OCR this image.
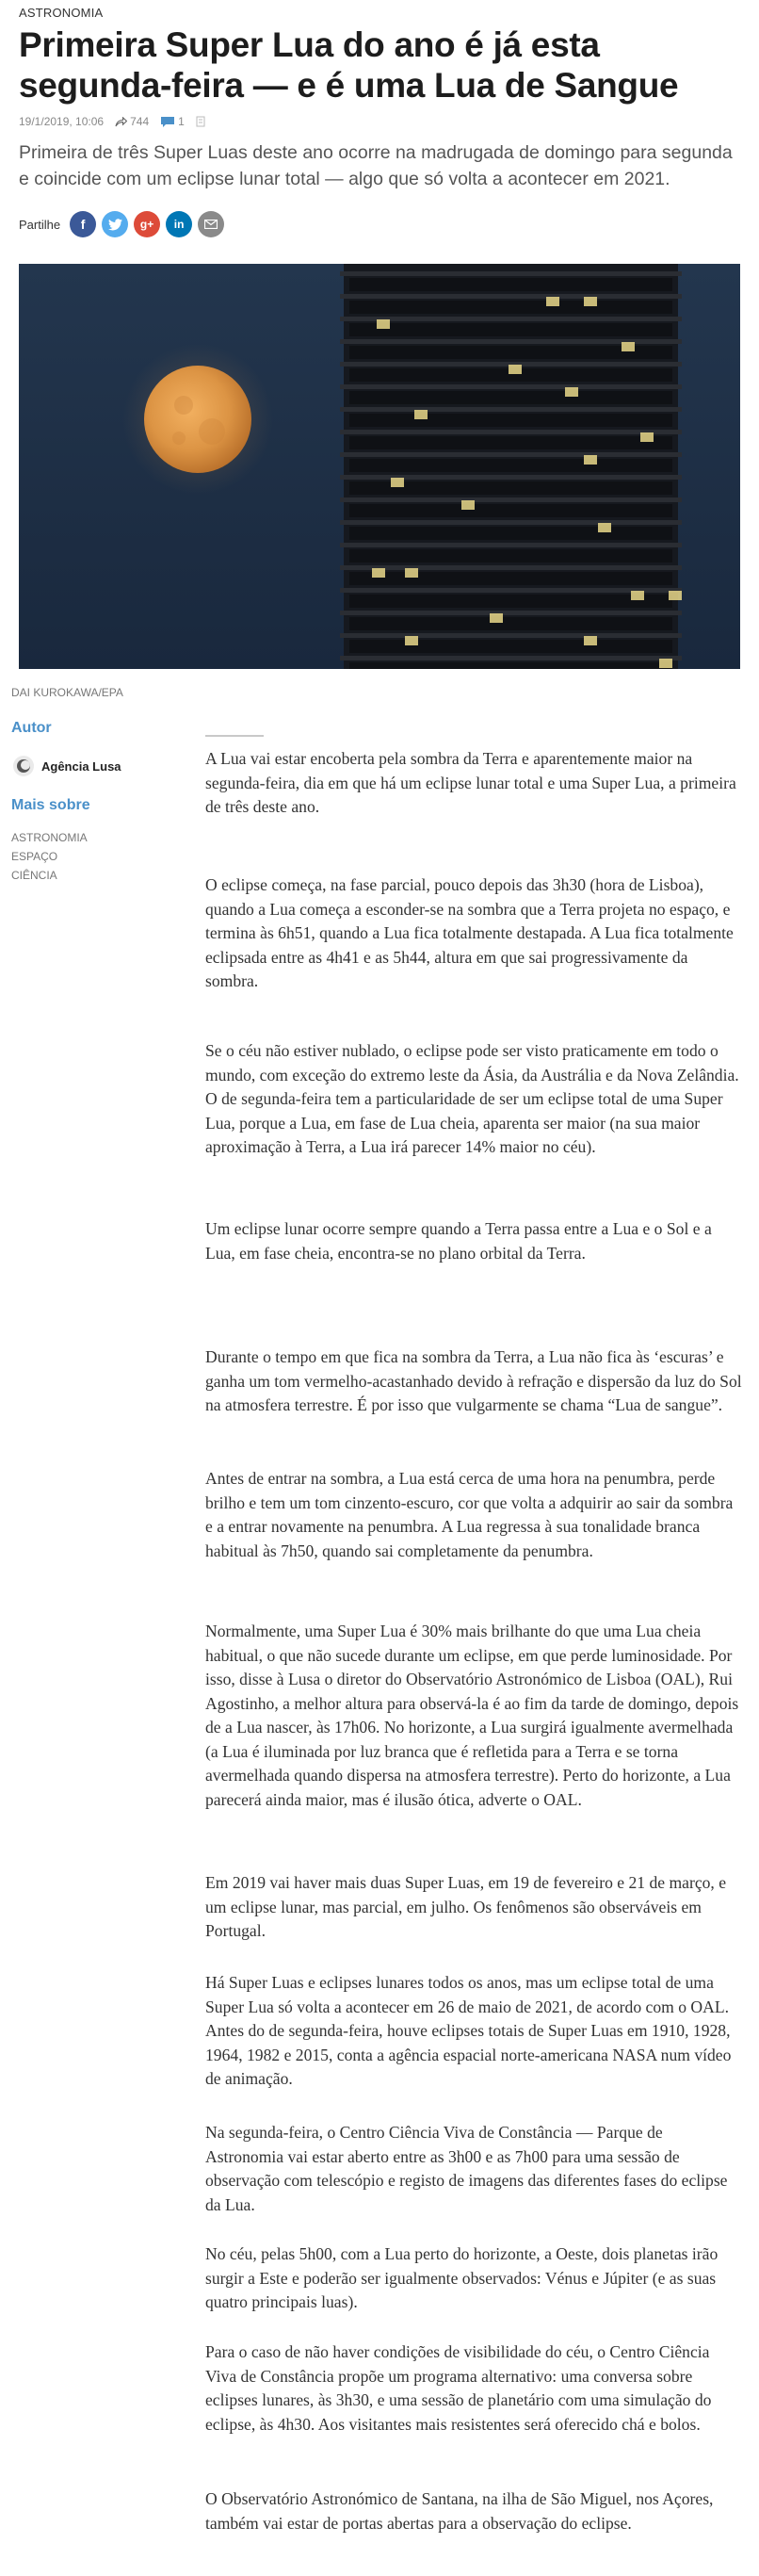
ASTRONOMIA
Primeira Super Lua do ano é já esta
segunda-feira — e é uma Lua de Sangue
19/1/2019, 10:06 744	1

Primeira de três Super Luas deste ano ocorre na madrugada de domingo para segunda e coincide com um eclipse lunar total — algo que só volta a acontecer em 2021.

Partilhe f	g+ in
DAI KUROKAWA/EPA
Autor
Agência Lusa
Mais sobre
ASTRONOMIA
ESPAÇO
CIÊNCIA

A Lua vai estar encoberta pela sombra da Terra e aparentemente maior na segunda-feira, dia em que há um eclipse lunar total e uma Super Lua, a primeira de três deste ano.

O eclipse começa, na fase parcial, pouco depois das 3h30 (hora de Lisboa), quando a Lua começa a esconder-se na sombra que a Terra projeta no espaço, e termina às 6h51, quando a Lua fica totalmente destapada. A Lua fica totalmente eclipsada entre as 4h41 e as 5h44, altura em que sai progressivamente da sombra.

Se o céu não estiver nublado, o eclipse pode ser visto praticamente em todo o mundo, com exceção do extremo leste da Ásia, da Austrália e da Nova Zelândia. O de segunda-feira tem a particularidade de ser um eclipse total de uma Super Lua, porque a Lua, em fase de Lua cheia, aparenta ser maior (na sua maior aproximação à Terra, a Lua irá parecer 14% maior no céu).

Um eclipse lunar ocorre sempre quando a Terra passa entre a Lua e o Sol e a Lua, em fase cheia, encontra-se no plano orbital da Terra.

Durante o tempo em que fica na sombra da Terra, a Lua não fica às ‘escuras’ e ganha um tom vermelho-acastanhado devido à refração e dispersão da luz do Sol na atmosfera terrestre. É por isso que vulgarmente se chama “Lua de sangue”.

Antes de entrar na sombra, a Lua está cerca de uma hora na penumbra, perde brilho e tem um tom cinzento-escuro, cor que volta a adquirir ao sair da sombra e a entrar novamente na penumbra. A Lua regressa à sua tonalidade branca habitual às 7h50, quando sai completamente da penumbra.

Normalmente, uma Super Lua é 30% mais brilhante do que uma Lua cheia habitual, o que não sucede durante um eclipse, em que perde luminosidade. Por isso, disse à Lusa o diretor do Observatório Astronómico de Lisboa (OAL), Rui Agostinho, a melhor altura para observá-la é ao fim da tarde de domingo, depois de a Lua nascer, às 17h06. No horizonte, a Lua surgirá igualmente avermelhada (a Lua é iluminada por luz branca que é refletida para a Terra e se torna avermelhada quando dispersa na atmosfera terrestre). Perto do horizonte, a Lua parecerá ainda maior, mas é ilusão ótica, adverte o OAL.

Em 2019 vai haver mais duas Super Luas, em 19 de fevereiro e 21 de março, e um eclipse lunar, mas parcial, em julho. Os fenômenos são observáveis em Portugal.

Há Super Luas e eclipses lunares todos os anos, mas um eclipse total de uma Super Lua só volta a acontecer em 26 de maio de 2021, de acordo com o OAL. Antes do de segunda-feira, houve eclipses totais de Super Luas em 1910, 1928, 1964, 1982 e 2015, conta a agência espacial norte-americana NASA num vídeo de animação.

Na segunda-feira, o Centro Ciência Viva de Constância — Parque de Astronomia vai estar aberto entre as 3h00 e as 7h00 para uma sessão de observação com telescópio e registo de imagens das diferentes fases do eclipse da Lua.

No céu, pelas 5h00, com a Lua perto do horizonte, a Oeste, dois planetas irão surgir a Este e poderão ser igualmente observados: Vénus e Júpiter (e as suas quatro principais luas).

Para o caso de não haver condições de visibilidade do céu, o Centro Ciência Viva de Constância propõe um programa alternativo: uma conversa sobre eclipses lunares, às 3h30, e uma sessão de planetário com uma simulação do eclipse, às 4h30. Aos visitantes mais resistentes será oferecido chá e bolos.

O Observatório Astronómico de Santana, na ilha de São Miguel, nos Açores, também vai estar de portas abertas para a observação do eclipse.
